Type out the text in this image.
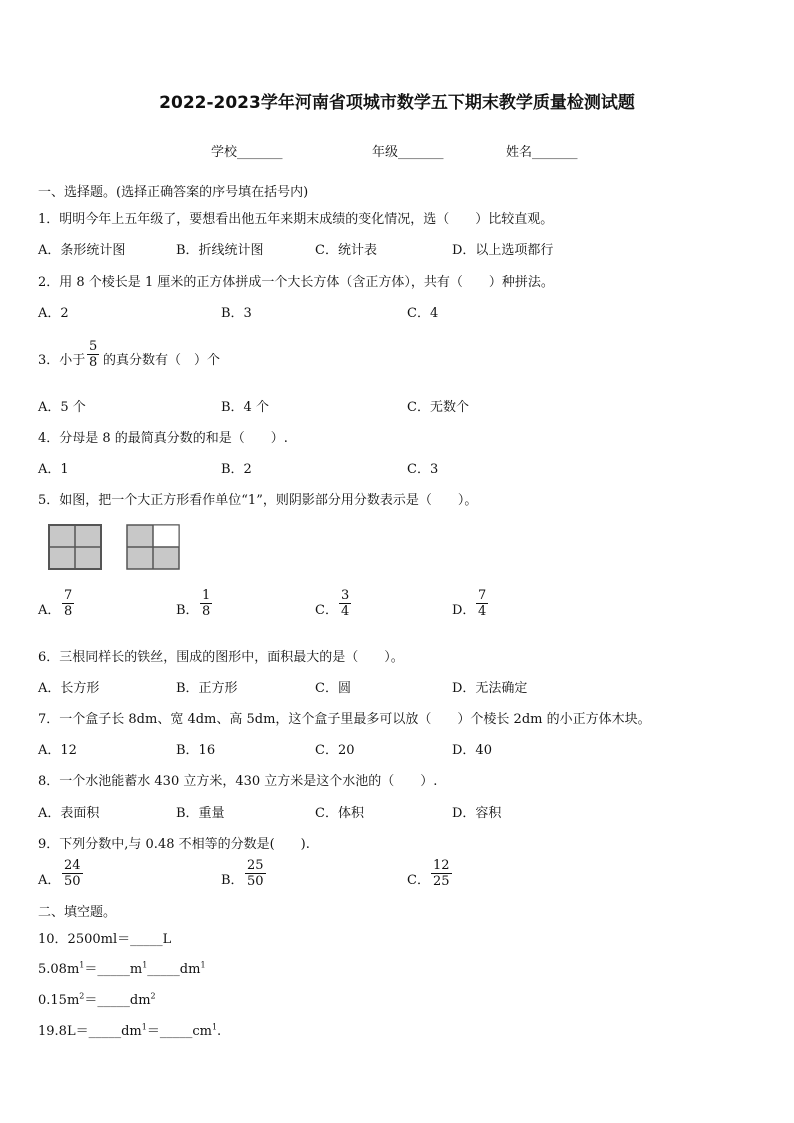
2022-2023学年河南省项城市数学五下期末教学质量检测试题
学校_______	年级_______	姓名_______
一、选择题。(选择正确答案的序号填在括号内)
1．明明今年上五年级了，要想看出他五年来期末成绩的变化情况，选（　　）比较直观。
A．条形统计图	B．折线统计图	C．统计表	D．以上选项都行
2．用 8 个棱长是 1 厘米的正方体拼成一个大长方体（含正方体），共有（　　）种拼法。
A．2	B．3	C．4
3．小于
5
8 的真分数有（　）个
A．5 个	B．4 个	C．无数个
4．分母是 8 的最简真分数的和是（　　）.
A．1	B．2	C．3
5．如图，把一个大正方形看作单位“1”，则阴影部分用分数表示是（　　）。
A．
7
8	B．
1
8	C．
3
4	D．
7
4
6．三根同样长的铁丝，围成的图形中，面积最大的是（　　）。
A．长方形	B．正方形	C．圆	D．无法确定
7．一个盒子长 8dm、宽 4dm、高 5dm，这个盒子里最多可以放（　　）个棱长 2dm 的小正方体木块。
A．12	B．16	C．20	D．40
8．一个水池能蓄水 430 立方米，430 立方米是这个水池的（　　）.
A．表面积	B．重量	C．体积	D．容积
9．下列分数中,与 0.48 不相等的分数是(　　).
A．
24
50	B．
25
50	C．
12
25
二、填空题。
10．2500ml＝_____L
$5.08m^1=\_\_\_\_\_m^1\_\_\_\_\_dm^1$
$0.15m^2=\_\_\_\_\_dm^2$
$19.8L=\_\_\_\_\_dm^1=\_\_\_\_\_cm^1$.
